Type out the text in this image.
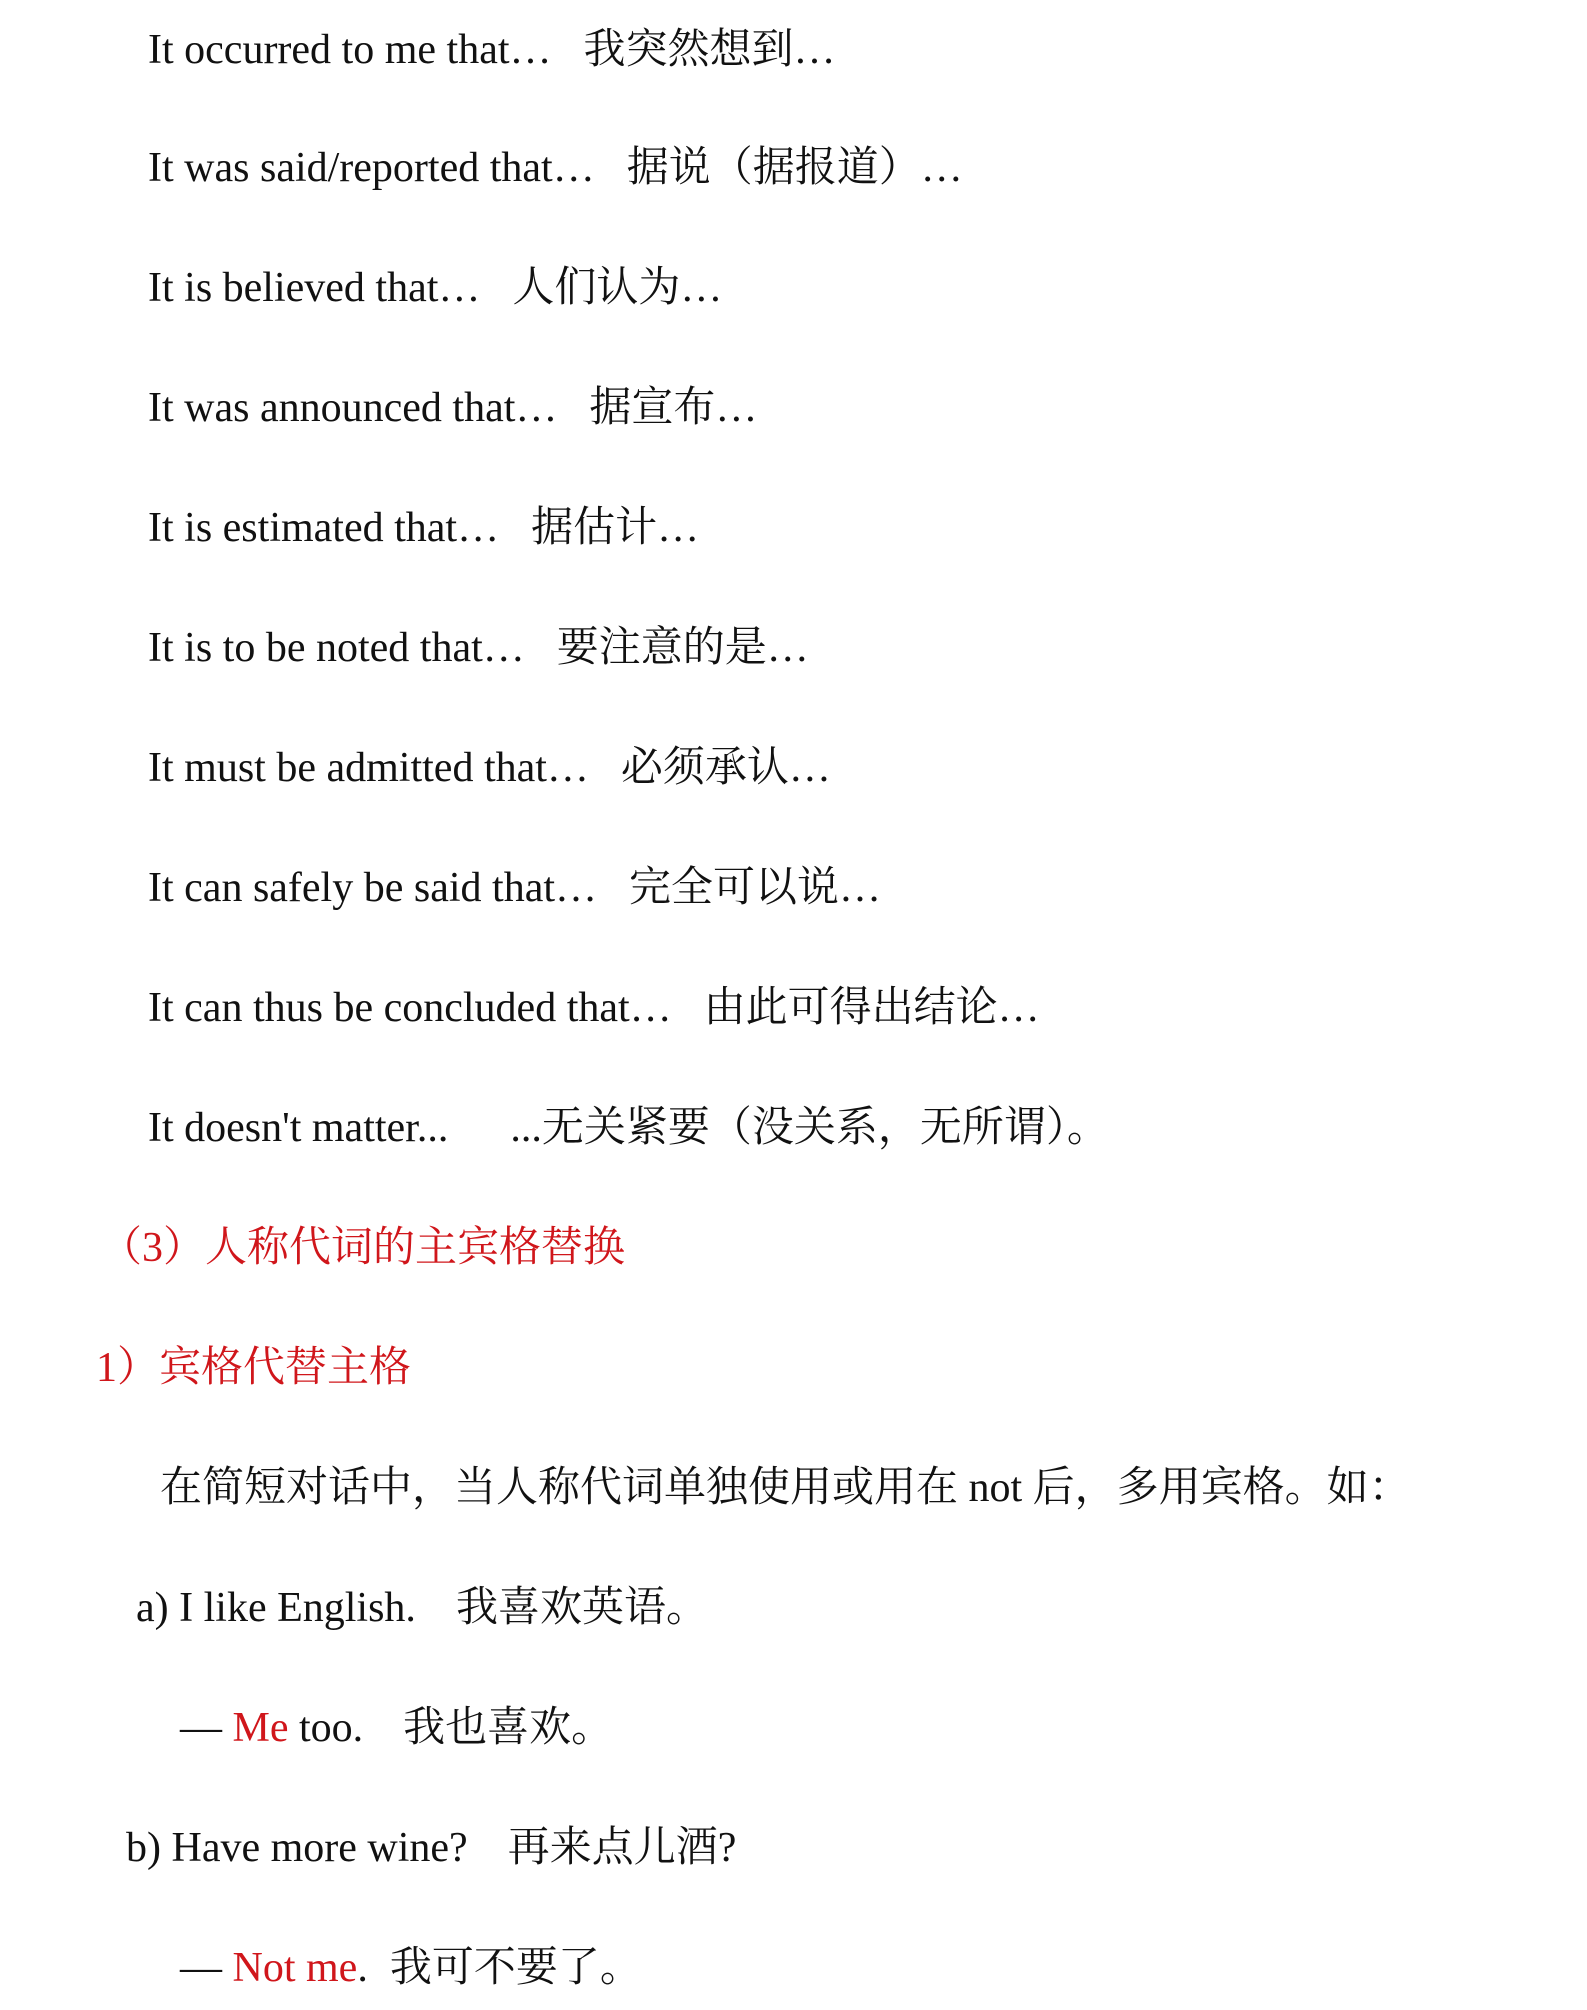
It occurred to me that… 我突然想到…
It was said/reported that… 据说（据报道）…
It is believed that… 人们认为…
It was announced that… 据宣布…
It is estimated that… 据估计…
It is to be noted that… 要注意的是…
It must be admitted that… 必须承认…
It can safely be said that… 完全可以说…
It can thus be concluded that… 由此可得出结论…
It doesn't matter... ...无关紧要（没关系，无所谓）。
（3）人称代词的主宾格替换
1）宾格代替主格
在简短对话中，当人称代词单独使用或用在 not 后，多用宾格。如：
a) I like English. 我喜欢英语。
— Me too. 我也喜欢。
b) Have more wine? 再来点儿酒?
— Not me. 我可不要了。
